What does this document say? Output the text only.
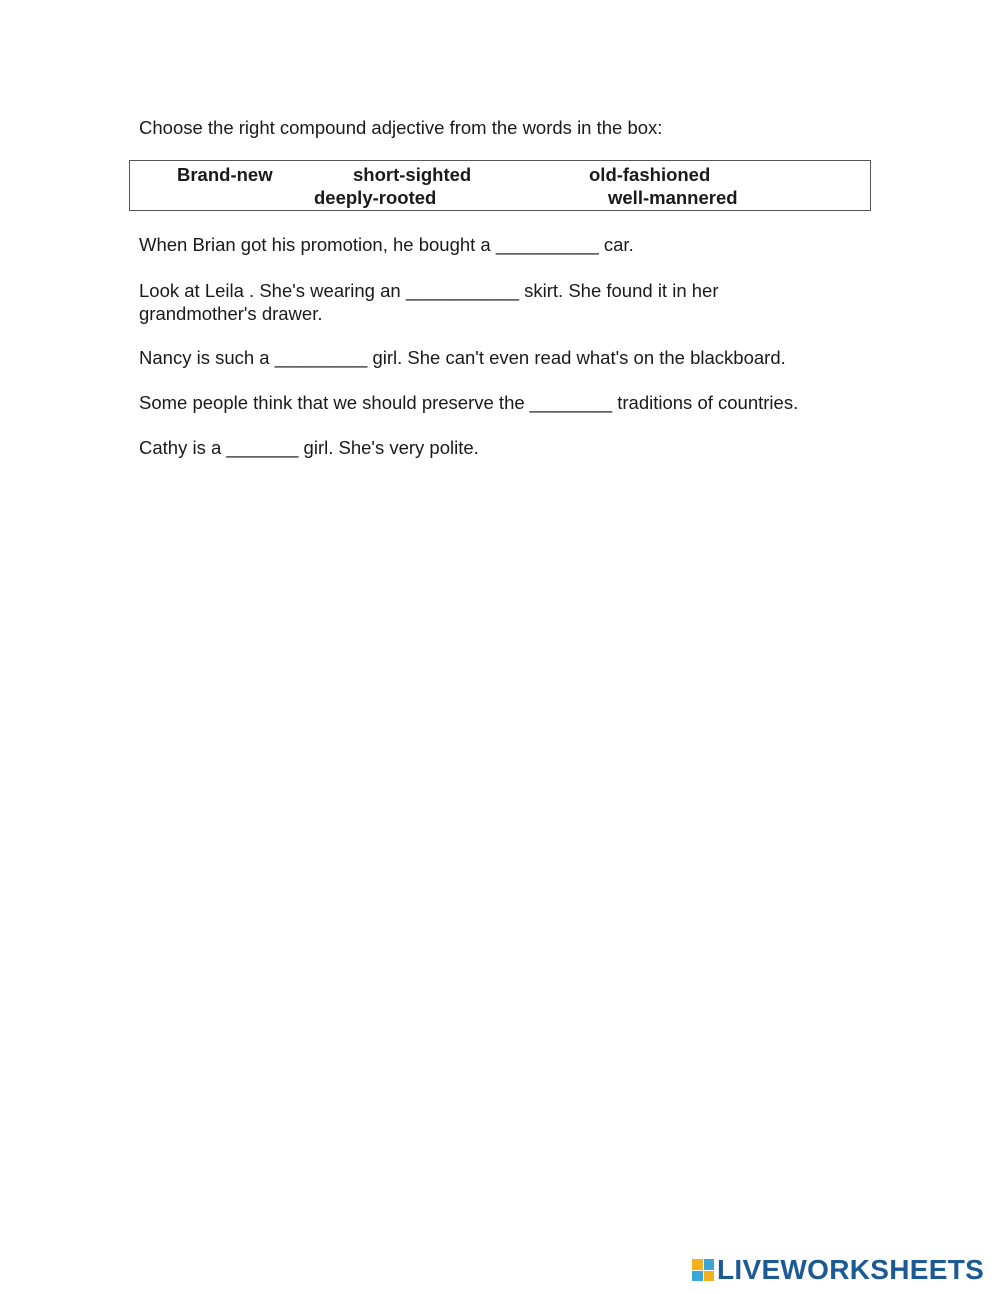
Choose the right compound adjective from the words in the box:

Brand-new	short-sighted	old-fashioned
deeply-rooted	well-mannered

When Brian got his promotion, he bought a __________ car.

Look at Leila . She's wearing an ___________ skirt. She found it in her grandmother's drawer.

Nancy is such a _________ girl. She can't even read what's on the blackboard.

Some people think that we should preserve the ________ traditions of countries.

Cathy is a _______ girl. She's very polite.

LIVEWORKSHEETS
